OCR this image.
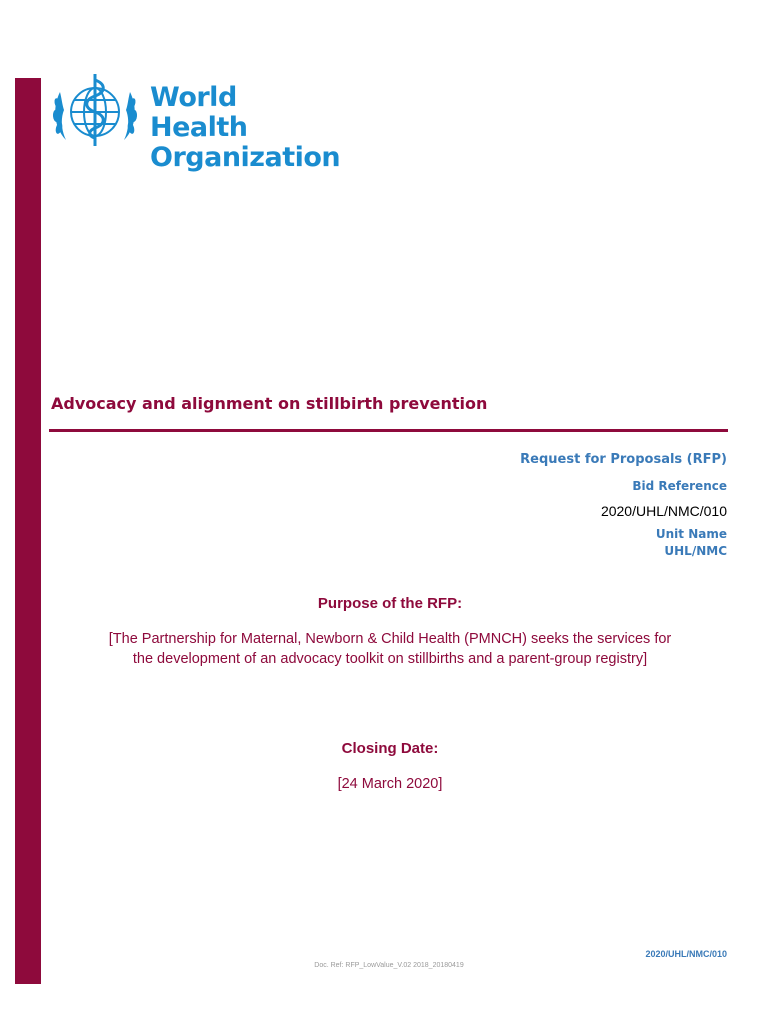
World Health
Organization
Advocacy and alignment on stillbirth prevention
Request for Proposals (RFP)
Bid Reference
2020/UHL/NMC/010
Unit Name
UHL/NMC
Purpose of the RFP:
[The Partnership for Maternal, Newborn & Child Health (PMNCH) seeks the services for
the development of an advocacy toolkit on stillbirths and a parent-group registry]
Closing Date:
[24 March 2020]
2020/UHL/NMC/010
Doc. Ref: RFP_LowValue_V.02 2018_20180419
